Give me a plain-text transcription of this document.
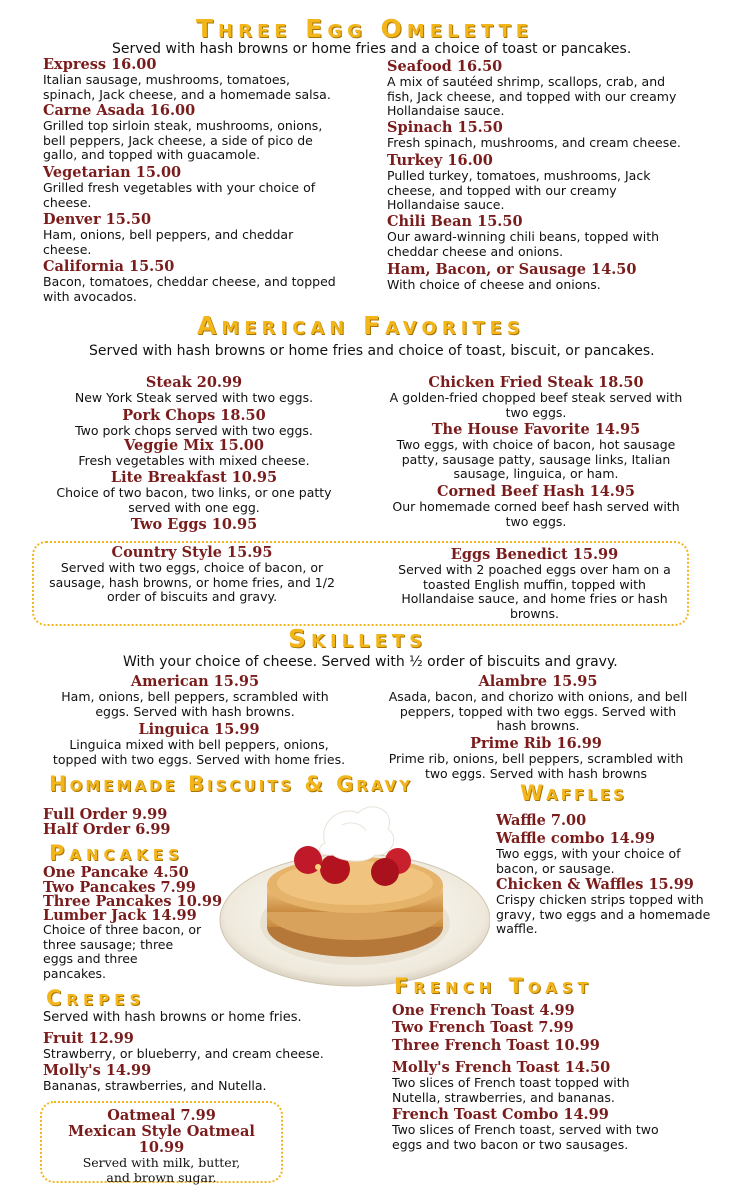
Three Egg Omelette
Served with hash browns or home fries and a choice of toast or pancakes.
Express 16.00
Italian sausage, mushrooms, tomatoes, spinach, Jack cheese, and a homemade salsa.
Carne Asada 16.00
Grilled top sirloin steak, mushrooms, onions, bell peppers, Jack cheese, a side of pico de gallo, and topped with guacamole.
Vegetarian 15.00
Grilled fresh vegetables with your choice of cheese.
Denver 15.50
Ham, onions, bell peppers, and cheddar cheese.
California 15.50
Bacon, tomatoes, cheddar cheese, and topped with avocados.
Seafood 16.50
A mix of sautéed shrimp, scallops, crab, and fish, Jack cheese, and topped with our creamy Hollandaise sauce.
Spinach 15.50
Fresh spinach, mushrooms, and cream cheese.
Turkey 16.00
Pulled turkey, tomatoes, mushrooms, Jack cheese, and topped with our creamy Hollandaise sauce.
Chili Bean 15.50
Our award-winning chili beans, topped with cheddar cheese and onions.
Ham, Bacon, or Sausage 14.50
With choice of cheese and onions.
American Favorites
Served with hash browns or home fries and choice of toast, biscuit, or pancakes.
Steak 20.99
New York Steak served with two eggs.
Pork Chops 18.50
Two pork chops served with two eggs.
Veggie Mix 15.00
Fresh vegetables with mixed cheese.
Lite Breakfast 10.95
Choice of two bacon, two links, or one patty served with one egg.
Two Eggs 10.95
Chicken Fried Steak 18.50
A golden-fried chopped beef steak served with two eggs.
The House Favorite 14.95
Two eggs, with choice of bacon, hot sausage patty, sausage patty, sausage links, Italian sausage, linguica, or ham.
Corned Beef Hash 14.95
Our homemade corned beef hash served with two eggs.
Country Style 15.95
Served with two eggs, choice of bacon, or sausage, hash browns, or home fries, and 1/2 order of biscuits and gravy.
Eggs Benedict 15.99
Served with 2 poached eggs over ham on a toasted English muffin, topped with Hollandaise sauce, and home fries or hash browns.
Skillets
With your choice of cheese. Served with ½ order of biscuits and gravy.
American 15.95
Ham, onions, bell peppers, scrambled with eggs. Served with hash browns.
Linguica 15.99
Linguica mixed with bell peppers, onions, topped with two eggs. Served with home fries.
Alambre 15.95
Asada, bacon, and chorizo with onions, and bell peppers, topped with two eggs. Served with hash browns.
Prime Rib 16.99
Prime rib, onions, bell peppers, scrambled with two eggs. Served with hash browns
Homemade Biscuits & Gravy
Full Order 9.99
Half Order 6.99
Pancakes
One Pancake 4.50
Two Pancakes 7.99
Three Pancakes 10.99
Lumber Jack 14.99
Choice of three bacon, or three sausage; three eggs and three pancakes.
Waffles
Waffle 7.00
Waffle combo 14.99
Two eggs, with your choice of bacon, or sausage.
Chicken & Waffles 15.99
Crispy chicken strips topped with gravy, two eggs and a homemade waffle.
Crepes
Served with hash browns or home fries.
Fruit 12.99
Strawberry, or blueberry, and cream cheese.
Molly's 14.99
Bananas, strawberries, and Nutella.
Oatmeal 7.99
Mexican Style Oatmeal 10.99
Served with milk, butter, and brown sugar.
French Toast
One French Toast 4.99
Two French Toast 7.99
Three French Toast 10.99
Molly's French Toast 14.50
Two slices of French toast topped with Nutella, strawberries, and bananas.
French Toast Combo 14.99
Two slices of French toast, served with two eggs and two bacon or two sausages.
